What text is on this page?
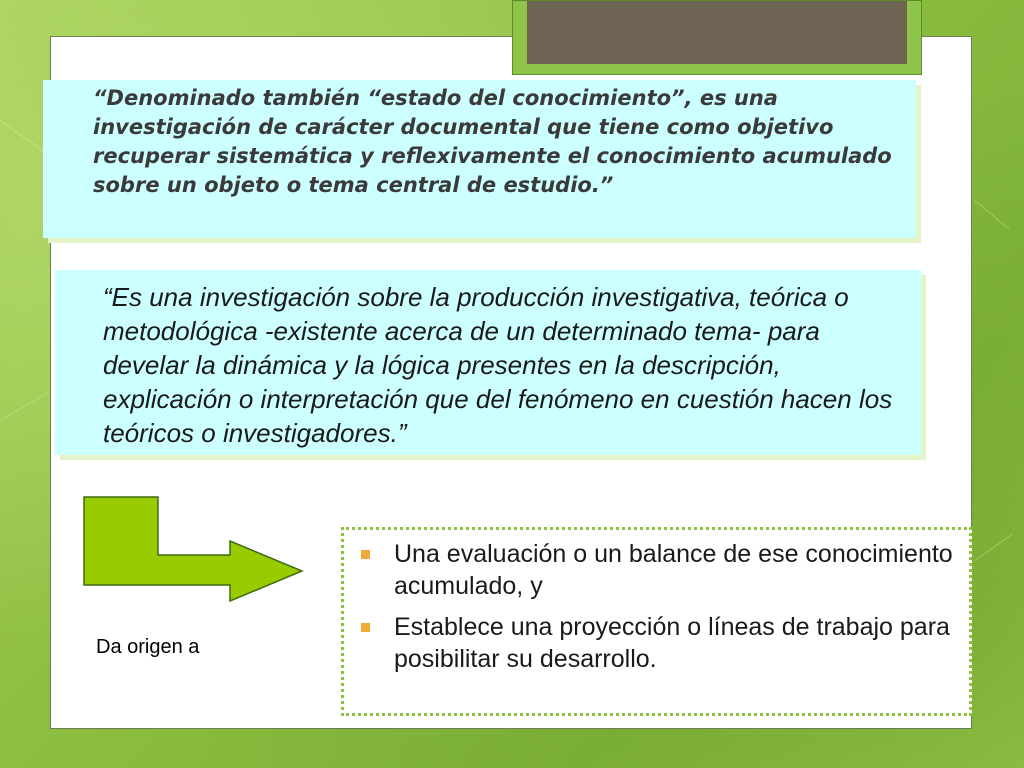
“Denominado también “estado del conocimiento”, es una investigación de carácter documental que tiene como objetivo recuperar sistemática y reflexivamente el conocimiento acumulado sobre un objeto o tema central de estudio.”
“Es una investigación sobre la producción investigativa, teórica o metodológica -existente acerca de un determinado tema- para develar la dinámica y la lógica presentes en la descripción, explicación o interpretación que del fenómeno en cuestión hacen los teóricos o investigadores.”
Da origen a
Una evaluación o un balance de ese conocimiento acumulado, y
Establece una proyección o líneas de trabajo para posibilitar su desarrollo.
